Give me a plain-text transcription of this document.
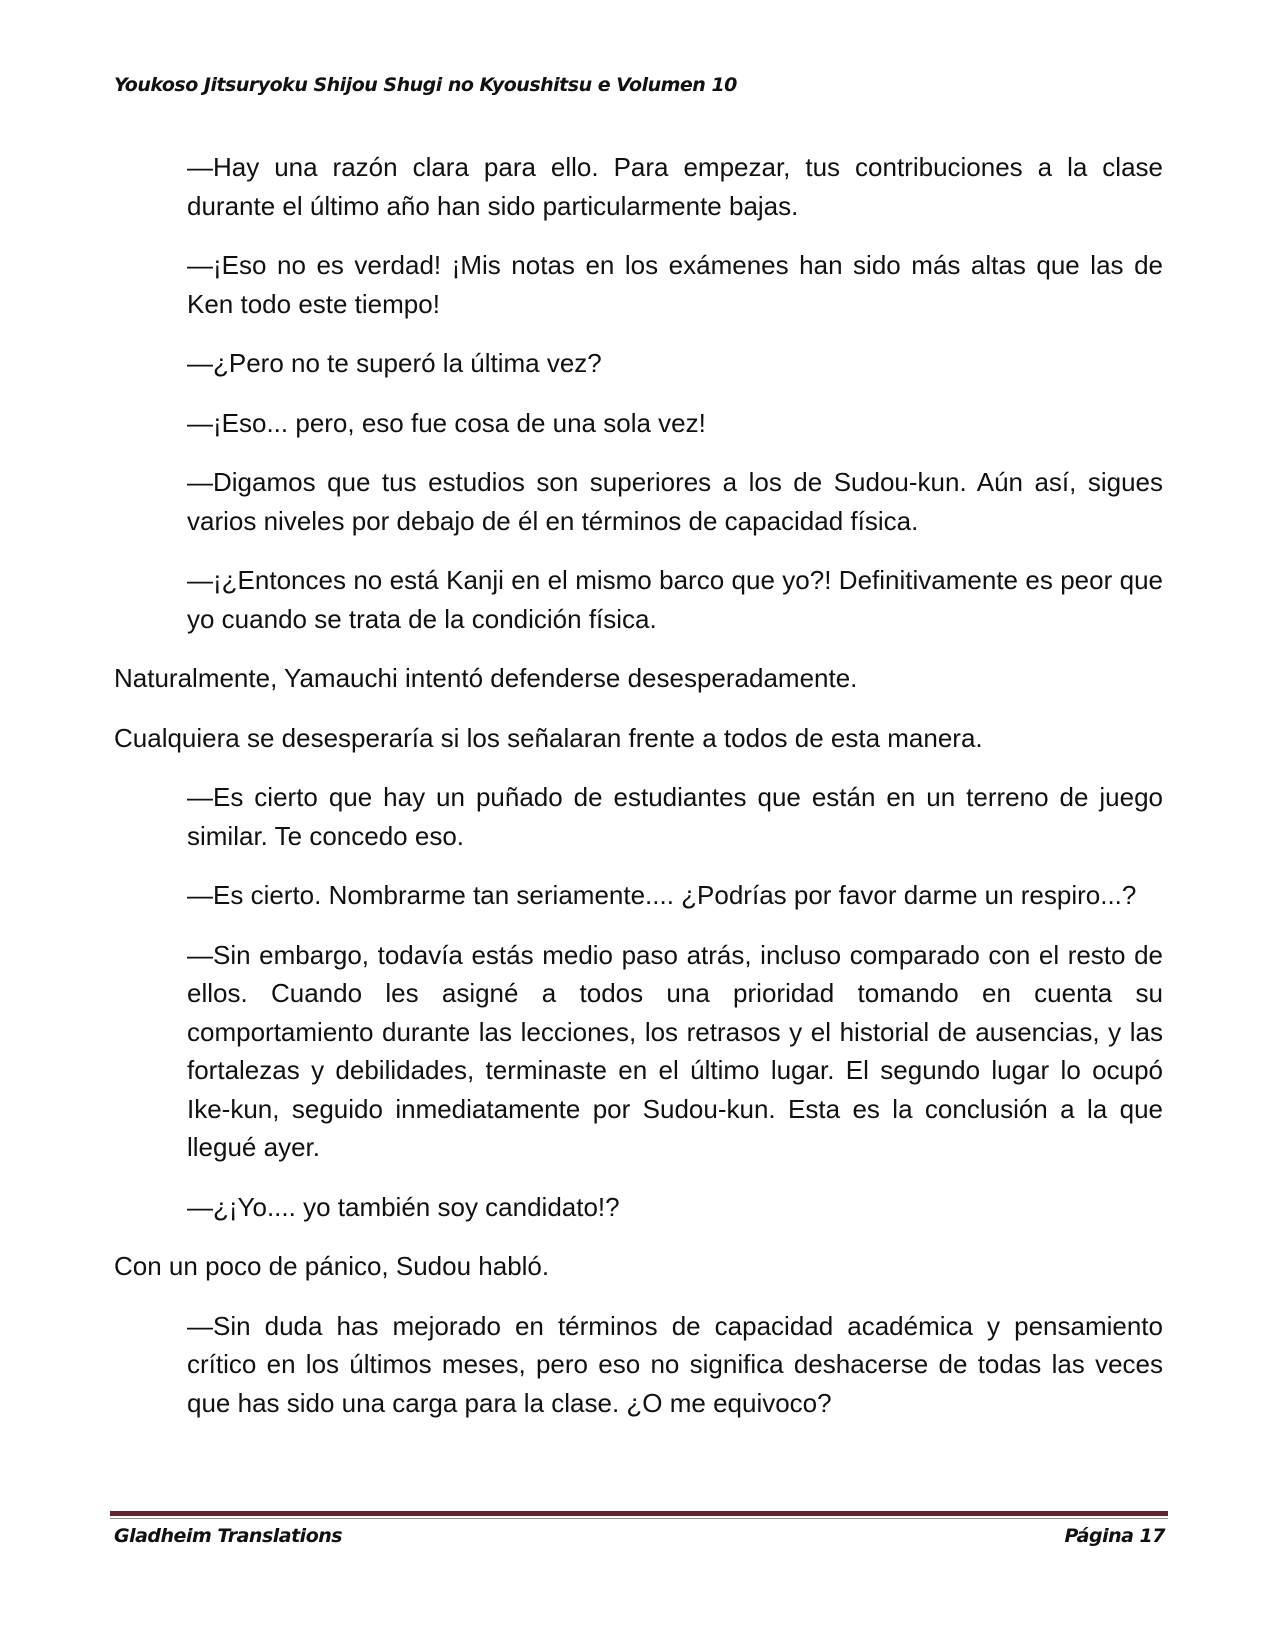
Youkoso Jitsuryoku Shijou Shugi no Kyoushitsu e Volumen 10

—Hay una razón clara para ello. Para empezar, tus contribuciones a la clase durante el último año han sido particularmente bajas.

—¡Eso no es verdad! ¡Mis notas en los exámenes han sido más altas que las de Ken todo este tiempo!

—¿Pero no te superó la última vez?

—¡Eso... pero, eso fue cosa de una sola vez!

—Digamos que tus estudios son superiores a los de Sudou-kun. Aún así, sigues varios niveles por debajo de él en términos de capacidad física.

—¡¿Entonces no está Kanji en el mismo barco que yo?! Definitivamente es peor que yo cuando se trata de la condición física.

Naturalmente, Yamauchi intentó defenderse desesperadamente.

Cualquiera se desesperaría si los señalaran frente a todos de esta manera.

—Es cierto que hay un puñado de estudiantes que están en un terreno de juego similar. Te concedo eso.

—Es cierto. Nombrarme tan seriamente.... ¿Podrías por favor darme un respiro...?

—Sin embargo, todavía estás medio paso atrás, incluso comparado con el resto de ellos. Cuando les asigné a todos una prioridad tomando en cuenta su comportamiento durante las lecciones, los retrasos y el historial de ausencias, y las fortalezas y debilidades, terminaste en el último lugar. El segundo lugar lo ocupó Ike-kun, seguido inmediatamente por Sudou-kun. Esta es la conclusión a la que llegué ayer.

—¿¡Yo.... yo también soy candidato!?

Con un poco de pánico, Sudou habló.

—Sin duda has mejorado en términos de capacidad académica y pensamiento crítico en los últimos meses, pero eso no significa deshacerse de todas las veces que has sido una carga para la clase. ¿O me equivoco?

Gladheim Translations	Página 17
